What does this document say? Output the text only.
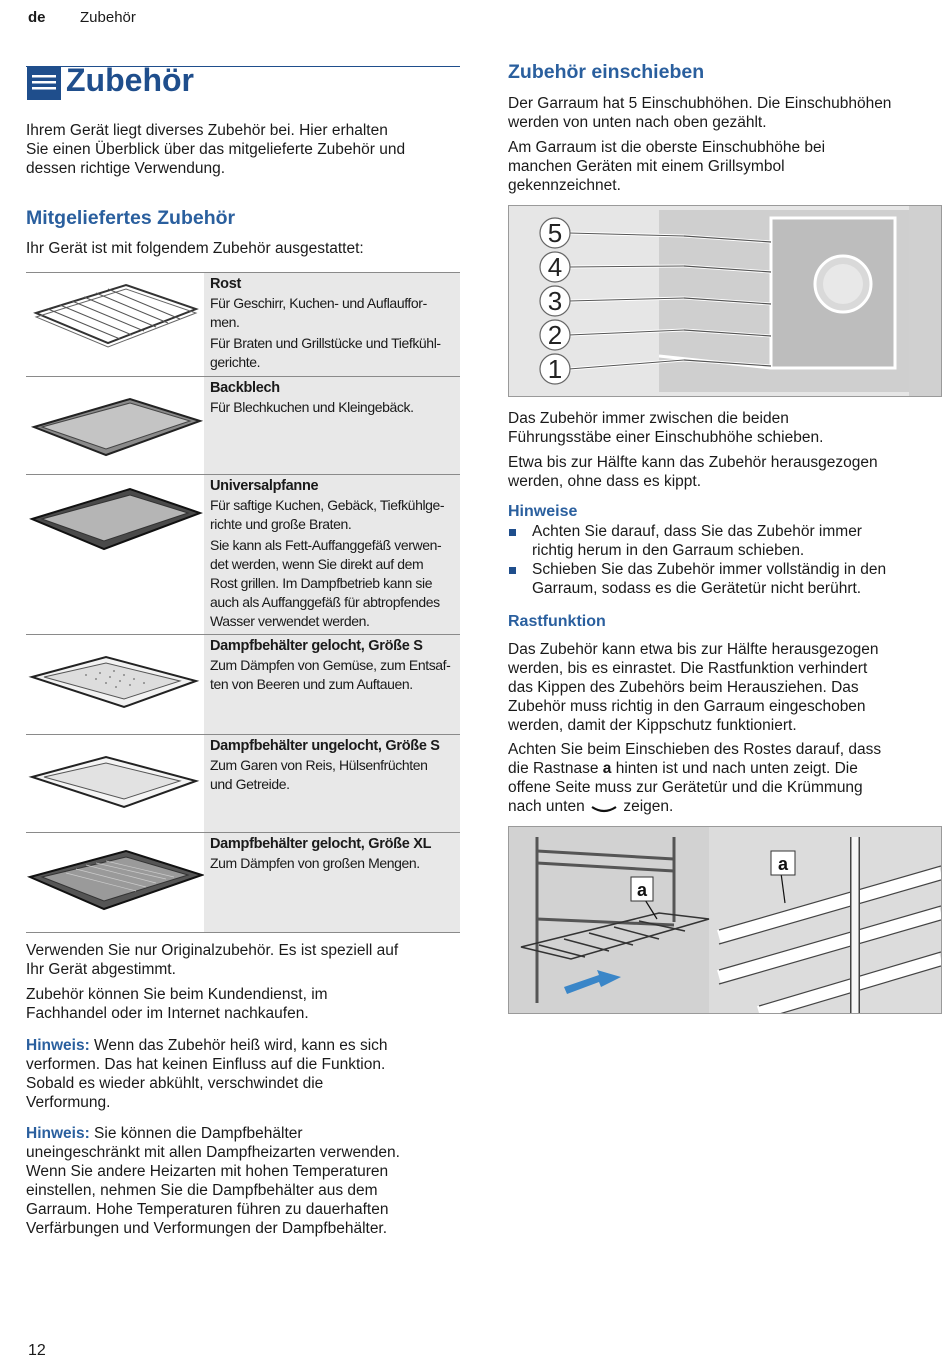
de Zubehör
Zubehör
Ihrem Gerät liegt diverses Zubehör bei. Hier erhalten
Sie einen Überblick über das mitgelieferte Zubehör und
dessen richtige Verwendung.
Mitgeliefertes Zubehör
Ihr Gerät ist mit folgendem Zubehör ausgestattet:
Rost
Für Geschirr, Kuchen- und Auflauffor-
men.
Für Braten und Grillstücke und Tiefkühl-
gerichte.
Backblech
Für Blechkuchen und Kleingebäck.
Universalpfanne
Für saftige Kuchen, Gebäck, Tiefkühlge-
richte und große Braten.
Sie kann als Fett-Auffanggefäß verwen-
det werden, wenn Sie direkt auf dem
Rost grillen. Im Dampfbetrieb kann sie
auch als Auffanggefäß für abtropfendes
Wasser verwendet werden.
Dampfbehälter gelocht, Größe S
Zum Dämpfen von Gemüse, zum Entsaf-
ten von Beeren und zum Auftauen.
Dampfbehälter ungelocht, Größe S
Zum Garen von Reis, Hülsenfrüchten
und Getreide.
Dampfbehälter gelocht, Größe XL
Zum Dämpfen von großen Mengen.
Verwenden Sie nur Originalzubehör. Es ist speziell auf
Ihr Gerät abgestimmt.
Zubehör können Sie beim Kundendienst, im
Fachhandel oder im Internet nachkaufen.
Hinweis: Wenn das Zubehör heiß wird, kann es sich
verformen. Das hat keinen Einfluss auf die Funktion.
Sobald es wieder abkühlt, verschwindet die
Verformung.
Hinweis: Sie können die Dampfbehälter
uneingeschränkt mit allen Dampfheizarten verwenden.
Wenn Sie andere Heizarten mit hohen Temperaturen
einstellen, nehmen Sie die Dampfbehälter aus dem
Garraum. Hohe Temperaturen führen zu dauerhaften
Verfärbungen und Verformungen der Dampfbehälter.
Zubehör einschieben
Der Garraum hat 5 Einschubhöhen. Die Einschubhöhen
werden von unten nach oben gezählt.
Am Garraum ist die oberste Einschubhöhe bei
manchen Geräten mit einem Grillsymbol
gekennzeichnet.
5
4
3
2
1
Das Zubehör immer zwischen die beiden
Führungsstäbe einer Einschubhöhe schieben.
Etwa bis zur Hälfte kann das Zubehör herausgezogen
werden, ohne dass es kippt.
Hinweise
Achten Sie darauf, dass Sie das Zubehör immer
richtig herum in den Garraum schieben.
Schieben Sie das Zubehör immer vollständig in den
Garraum, sodass es die Gerätetür nicht berührt.
Rastfunktion
Das Zubehör kann etwa bis zur Hälfte herausgezogen
werden, bis es einrastet. Die Rastfunktion verhindert
das Kippen des Zubehörs beim Herausziehen. Das
Zubehör muss richtig in den Garraum eingeschoben
werden, damit der Kippschutz funktioniert.
Achten Sie beim Einschieben des Rostes darauf, dass
die Rastnase a hinten ist und nach unten zeigt. Die
offene Seite muss zur Gerätetür und die Krümmung
nach unten zeigen.
a
a
12
